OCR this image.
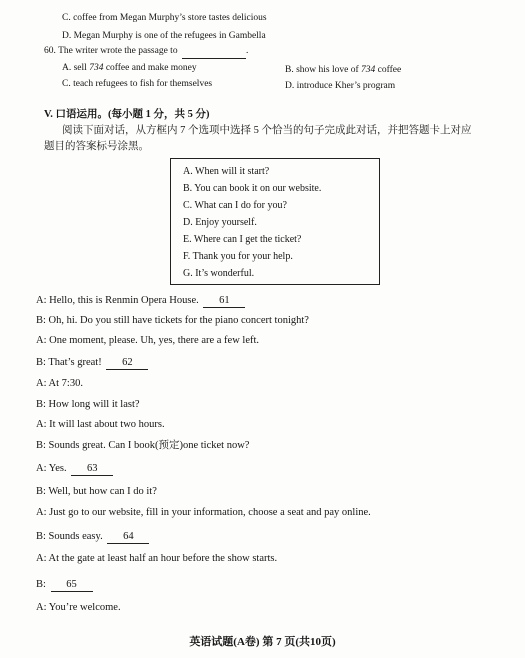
C. coffee from Megan Murphy’s store tastes delicious
D. Megan Murphy is one of the refugees in Gambella
60. The writer wrote the passage to	.
A. sell 734 coffee and make money	B. show his love of 734 coffee
C. teach refugees to fish for themselves	D. introduce Kher’s program
V. 口语运用。(每小题 1 分，共 5 分)
阅读下面对话，从方框内 7 个选项中选择 5 个恰当的句子完成此对话，并把答题卡上对应
题目的答案标号涂黑。
A. When will it start?
B. You can book it on our website.
C. What can I do for you?
D. Enjoy yourself.
E. Where can I get the ticket?
F. Thank you for your help.
G. It’s wonderful.
A: Hello, this is Renmin Opera House. 61
B: Oh, hi. Do you still have tickets for the piano concert tonight?
A: One moment, please. Uh, yes, there are a few left.
B: That’s great! 62
A: At 7:30.
B: How long will it last?
A: It will last about two hours.
B: Sounds great. Can I book(预定)one ticket now?
A: Yes. 63
B: Well, but how can I do it?
A: Just go to our website, fill in your information, choose a seat and pay online.
B: Sounds easy. 64
A: At the gate at least half an hour before the show starts.
B: 65
A: You’re welcome.
英语试题(A卷) 第 7 页(共10页)
